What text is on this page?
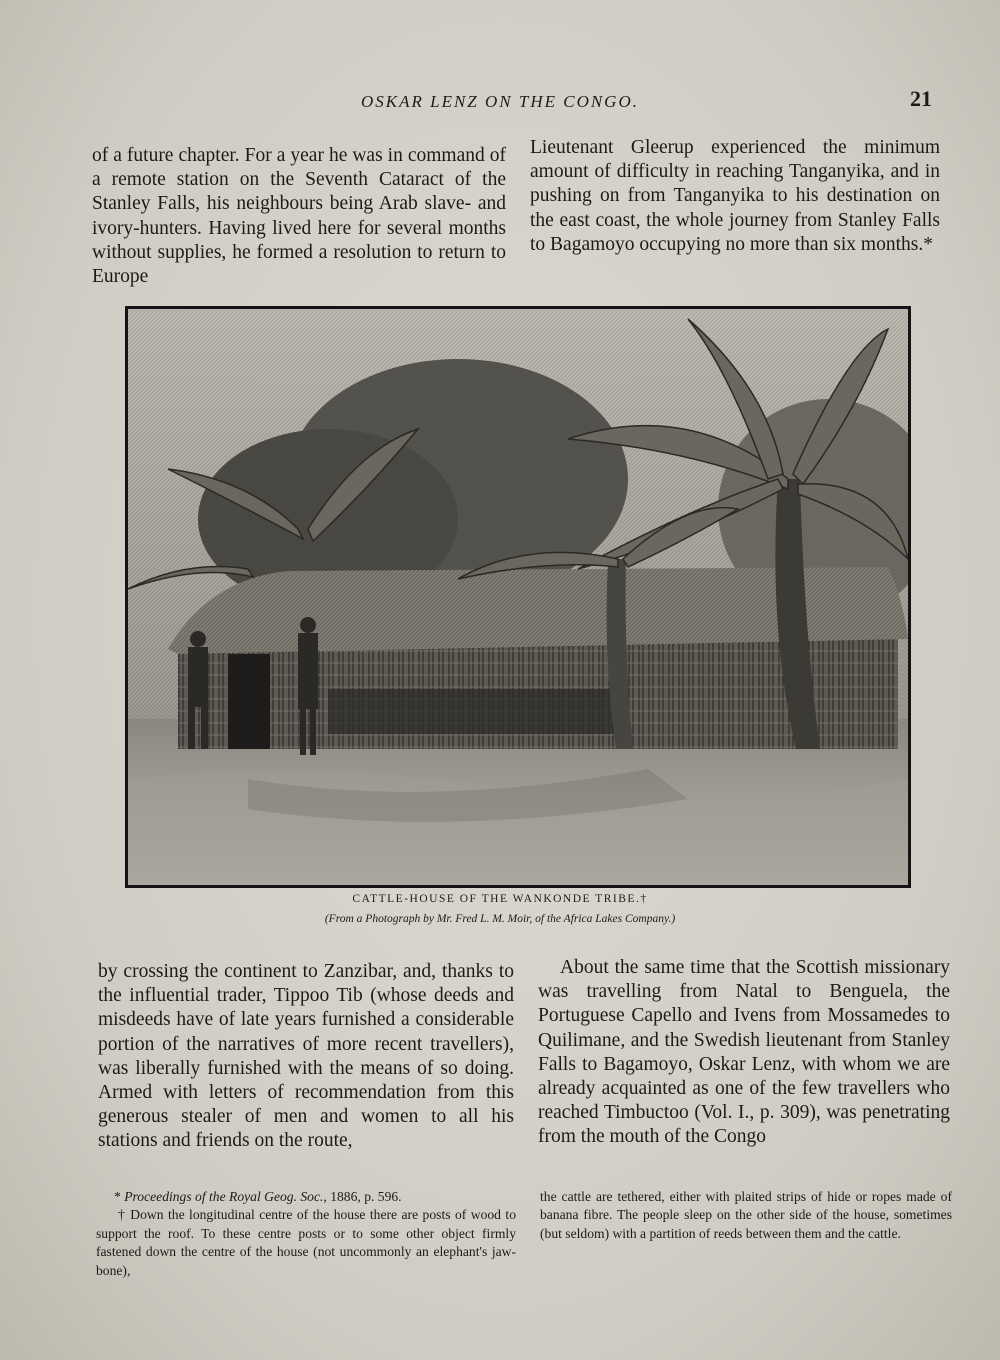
OSKAR LENZ ON THE CONGO.	21

of a future chapter. For a year he was in command of a remote station on the Seventh Cataract of the Stanley Falls, his neighbours being Arab slave- and ivory-hunters. Having lived here for several months without supplies, he formed a resolution to return to Europe

Lieutenant Gleerup experienced the minimum amount of difficulty in reaching Tanganyika, and in pushing on from Tanganyika to his destination on the east coast, the whole journey from Stanley Falls to Bagamoyo occupying no more than six months.*

CATTLE-HOUSE OF THE WANKONDE TRIBE.†
(From a Photograph by Mr. Fred L. M. Moir, of the Africa Lakes Company.)

by crossing the continent to Zanzibar, and, thanks to the influential trader, Tippoo Tib (whose deeds and misdeeds have of late years furnished a considerable portion of the narratives of more recent travellers), was liberally furnished with the means of so doing. Armed with letters of recommendation from this generous stealer of men and women to all his stations and friends on the route,

About the same time that the Scottish missionary was travelling from Natal to Benguela, the Portuguese Capello and Ivens from Mossamedes to Quilimane, and the Swedish lieutenant from Stanley Falls to Bagamoyo, Oskar Lenz, with whom we are already acquainted as one of the few travellers who reached Timbuctoo (Vol. I., p. 309), was penetrating from the mouth of the Congo

* Proceedings of the Royal Geog. Soc., 1886, p. 596.

† Down the longitudinal centre of the house there are posts of wood to support the roof. To these centre posts or to some other object firmly fastened down the centre of the house (not uncommonly an elephant's jaw-bone),

the cattle are tethered, either with plaited strips of hide or ropes made of banana fibre. The people sleep on the other side of the house, sometimes (but seldom) with a partition of reeds between them and the cattle.
